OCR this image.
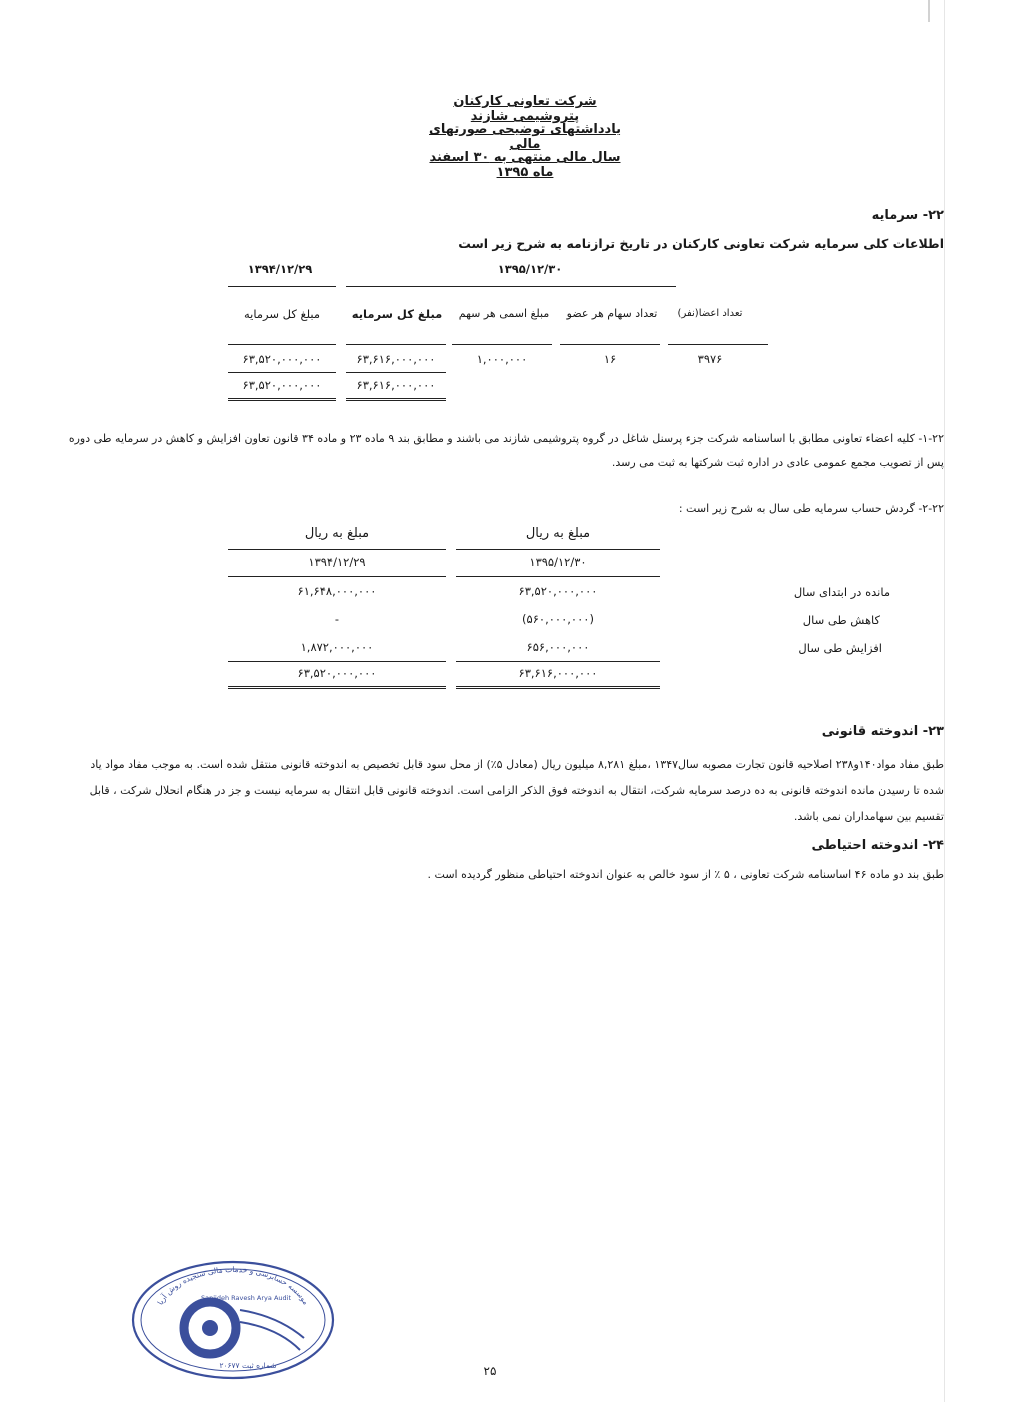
شرکت تعاونی کارکنان پتروشیمی شازند
یادداشتهای توضیحی صورتهای مالی
سال مالی منتهی به ۳۰ اسفند ماه ۱۳۹۵
۲۲- سرمایه
اطلاعات کلی سرمایه شرکت تعاونی کارکنان در تاریخ ترازنامه به شرح زیر است
۱۳۹۵/۱۲/۳۰
۱۳۹۴/۱۲/۲۹
تعداد اعضا(نفر)
تعداد سهام هر عضو
مبلغ اسمی هر سهم
مبلغ کل سرمایه
مبلغ کل سرمایه
۳۹۷۶
۱۶
۱,۰۰۰,۰۰۰
۶۳,۶۱۶,۰۰۰,۰۰۰
۶۳,۵۲۰,۰۰۰,۰۰۰
۶۳,۶۱۶,۰۰۰,۰۰۰
۶۳,۵۲۰,۰۰۰,۰۰۰
۱-۲۲- کلیه اعضاء تعاونی مطابق با اساسنامه شرکت جزء پرسنل شاغل در گروه پتروشیمی شازند می باشند و مطابق بند ۹ ماده ۲۳ و ماده ۳۴ قانون تعاون افزایش و کاهش در سرمایه طی دوره
پس از تصویب مجمع عمومی عادی در اداره ثبت شرکتها به ثبت می رسد.
۲-۲۲- گردش حساب سرمایه طی سال به شرح زیر است :
مبلغ به ریال
مبلغ به ریال
۱۳۹۵/۱۲/۳۰
۱۳۹۴/۱۲/۲۹
مانده در ابتدای سال
۶۳,۵۲۰,۰۰۰,۰۰۰
۶۱,۶۴۸,۰۰۰,۰۰۰
کاهش طی سال
(۵۶۰,۰۰۰,۰۰۰)
-
افزایش طی سال
۶۵۶,۰۰۰,۰۰۰
۱,۸۷۲,۰۰۰,۰۰۰
۶۳,۶۱۶,۰۰۰,۰۰۰
۶۳,۵۲۰,۰۰۰,۰۰۰
۲۳- اندوخته قانونی
طبق مفاد مواد۱۴۰و۲۳۸ اصلاحیه قانون تجارت مصوبه سال۱۳۴۷ ،مبلغ ۸,۲۸۱ میلیون ریال (معادل ۵٪) از محل سود قابل تخصیص به اندوخته قانونی منتقل شده است. به موجب مفاد مواد یاد
شده تا رسیدن مانده اندوخته قانونی به ده درصد سرمایه شرکت، انتقال به اندوخته فوق الذکر الزامی است. اندوخته قانونی قابل انتقال به سرمایه نیست و جز در هنگام انحلال شرکت ، قابل
تقسیم بین سهامداران نمی باشد.
۲۴- اندوخته احتیاطی
طبق بند دو ماده ۴۶ اساسنامه شرکت تعاونی ، ۵ ٪ از سود خالص به عنوان اندوخته احتیاطی منظور گردیده است .
موسسه حسابرسی و خدمات مالی سنجیده روش آریا
Sanjideh Ravesh Arya Audit
شماره ثبت ۲۰۶۷۷	۲۵
